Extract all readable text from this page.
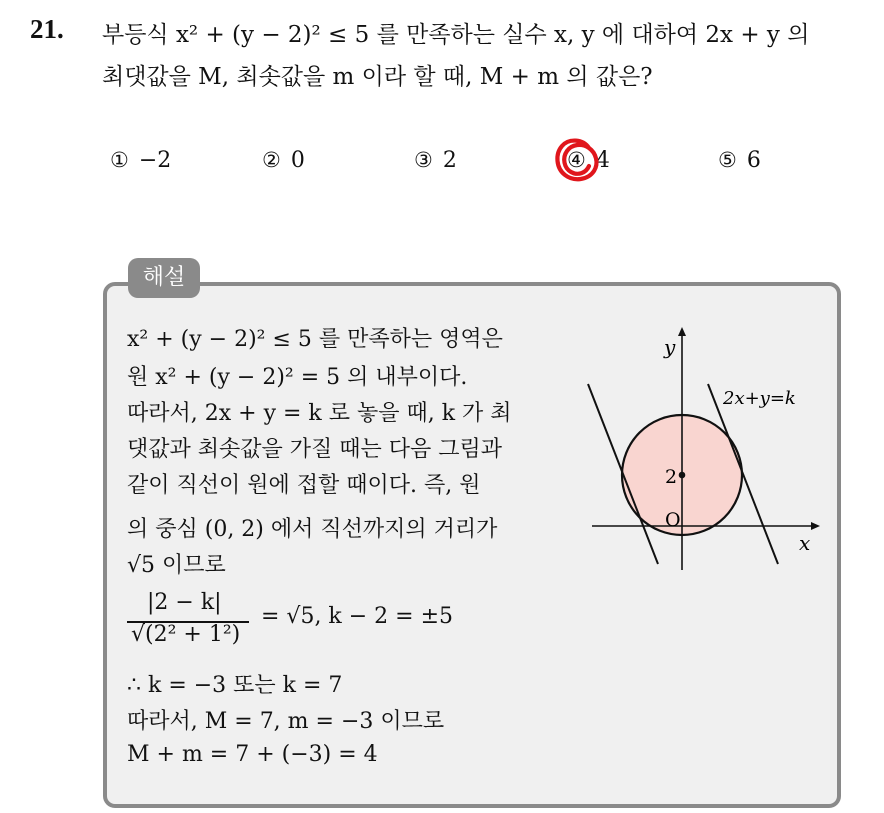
21. 부등식 x² + (y − 2)² ≤ 5 를 만족하는 실수 x, y 에 대하여 2x + y 의
최댓값을 M, 최솟값을 m 이라 할 때, M + m 의 값은?
① −2	② 0	③ 2	④ 4	⑤ 6
해설
x² + (y − 2)² ≤ 5 를 만족하는 영역은
원 x² + (y − 2)² = 5 의 내부이다.
따라서, 2x + y = k 로 놓을 때, k 가 최
댓값과 최솟값을 가질 때는 다음 그림과
같이 직선이 원에 접할 때이다. 즉, 원
의 중심 (0, 2) 에서 직선까지의 거리가
√5 이므로
|2 − k|
√(2² + 1²)
= √5, k − 2 = ±5
∴ k = −3 또는 k = 7
따라서, M = 7, m = −3 이므로
M + m = 7 + (−3) = 4
y
x
O
2
2x+y=k
